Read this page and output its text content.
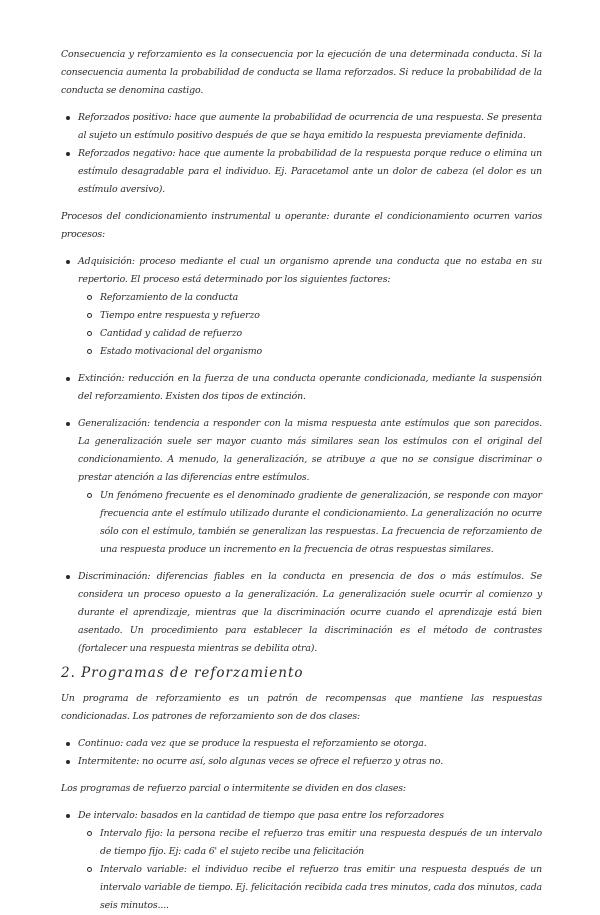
Consecuencia y reforzamiento es la consecuencia por la ejecución de una determinada conducta. Si la consecuencia aumenta la probabilidad de conducta se llama reforzados. Si reduce la probabilidad de la conducta se denomina castigo.

Reforzados positivo: hace que aumente la probabilidad de ocurrencia de una respuesta. Se presenta al sujeto un estímulo positivo después de que se haya emitido la respuesta previamente definida.
Reforzados negativo: hace que aumente la probabilidad de la respuesta porque reduce o elimina un estímulo desagradable para el individuo. Ej. Paracetamol ante un dolor de cabeza (el dolor es un estímulo aversivo).

Procesos del condicionamiento instrumental u operante: durante el condicionamiento ocurren varios procesos:

Adquisición: proceso mediante el cual un organismo aprende una conducta que no estaba en su repertorio. El proceso está determinado por los siguientes factores:
Reforzamiento de la conducta
Tiempo entre respuesta y refuerzo
Cantidad y calidad de refuerzo
Estado motivacional del organismo
Extinción: reducción en la fuerza de una conducta operante condicionada, mediante la suspensión del reforzamiento. Existen dos tipos de extinción.
Generalización: tendencia a responder con la misma respuesta ante estímulos que son parecidos. La generalización suele ser mayor cuanto más similares sean los estímulos con el original del condicionamiento. A menudo, la generalización, se atribuye a que no se consigue discriminar o prestar atención a las diferencias entre estímulos.
Un fenómeno frecuente es el denominado gradiente de generalización, se responde con mayor frecuencia ante el estímulo utilizado durante el condicionamiento. La generalización no ocurre sólo con el estímulo, también se generalizan las respuestas. La frecuencia de reforzamiento de una respuesta produce un incremento en la frecuencia de otras respuestas similares.
Discriminación: diferencias fiables en la conducta en presencia de dos o más estímulos. Se considera un proceso opuesto a la generalización. La generalización suele ocurrir al comienzo y durante el aprendizaje, mientras que la discriminación ocurre cuando el aprendizaje está bien asentado. Un procedimiento para establecer la discriminación es el método de contrastes (fortalecer una respuesta mientras se debilita otra).
2. Programas de reforzamiento

Un programa de reforzamiento es un patrón de recompensas que mantiene las respuestas condicionadas. Los patrones de reforzamiento son de dos clases:

Continuo: cada vez que se produce la respuesta el reforzamiento se otorga.
Intermitente: no ocurre así, solo algunas veces se ofrece el refuerzo y otras no.

Los programas de refuerzo parcial o intermitente se dividen en dos clases:

De intervalo: basados en la cantidad de tiempo que pasa entre los reforzadores
Intervalo fijo: la persona recibe el refuerzo tras emitir una respuesta después de un intervalo de tiempo fijo. Ej: cada 6' el sujeto recibe una felicitación
Intervalo variable: el individuo recibe el refuerzo tras emitir una respuesta después de un intervalo variable de tiempo. Ej. felicitación recibida cada tres minutos, cada dos minutos, cada seis minutos....
